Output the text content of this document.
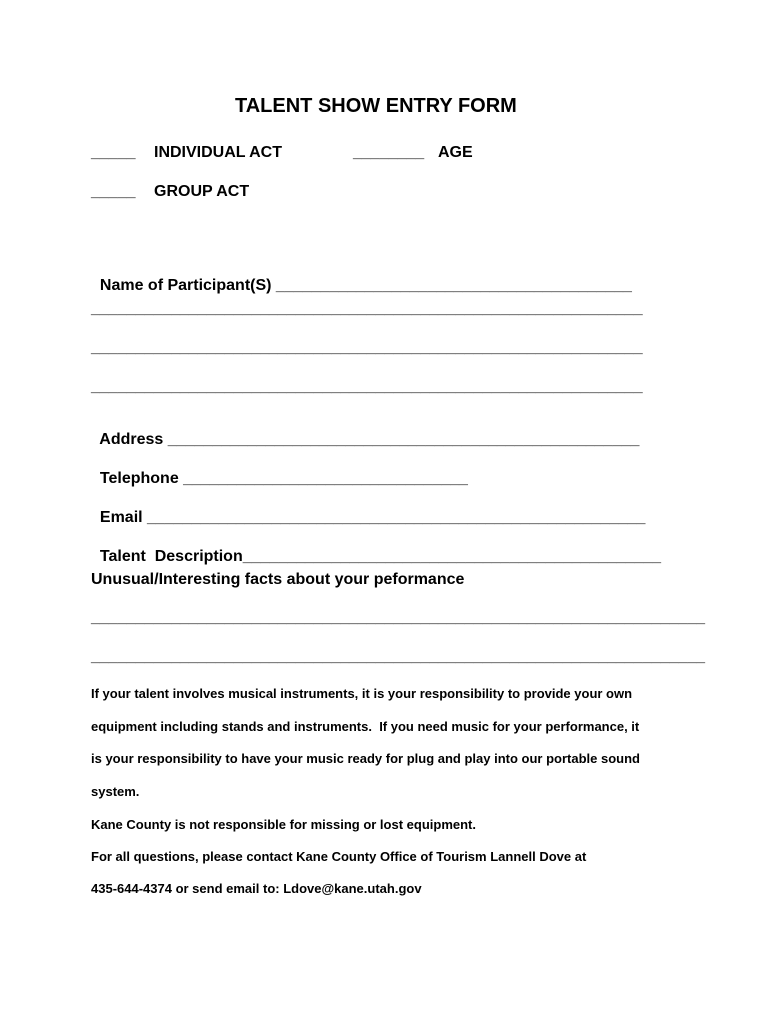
TALENT SHOW ENTRY FORM
_____ INDIVIDUAL ACT	________ AGE
_____ GROUP ACT

Name of Participant(S) ________________________________________

______________________________________________________________
______________________________________________________________
______________________________________________________________

Address _____________________________________________________

Telephone ________________________________

Email ________________________________________________________

Talent  Description_______________________________________________

Unusual/Interesting facts about your peformance
_____________________________________________________________________
_____________________________________________________________________
If your talent involves musical instruments, it is your responsibility to provide your own
equipment including stands and instruments.  If you need music for your performance, it
is your responsibility to have your music ready for plug and play into our portable sound
system.
Kane County is not responsible for missing or lost equipment.
For all questions, please contact Kane County Office of Tourism Lannell Dove at
435-644-4374 or send email to: Ldove@kane.utah.gov
